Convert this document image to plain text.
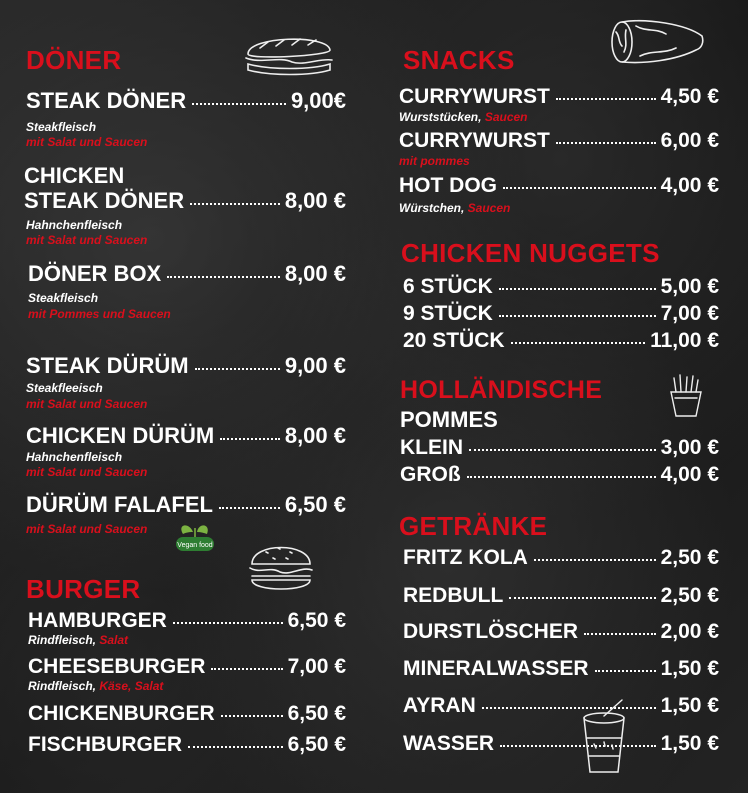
DÖNER
STEAK DÖNER	9,00€
Steakfleisch
mit Salat und Saucen
CHICKEN
STEAK DÖNER	8,00 €
Hahnchenfleisch
mit Salat und Saucen
DÖNER BOX	8,00 €
Steakfleisch
mit Pommes und Saucen
STEAK DÜRÜM	9,00 €
Steakfleeisch
mit Salat und Saucen
CHICKEN DÜRÜM	8,00 €
Hahnchenfleisch
mit Salat und Saucen
DÜRÜM FALAFEL	6,50 €
mit Salat und Saucen
Vegan food
BURGER
HAMBURGER	6,50 €
Rindfleisch, Salat
CHEESEBURGER	7,00 €
Rindfleisch, Käse, Salat
CHICKENBURGER	6,50 €
FISCHBURGER	6,50 €
SNACKS
CURRYWURST	4,50 €
Wurststücken, Saucen
CURRYWURST	6,00 €
mit pommes
HOT DOG	4,00 €
Würstchen, Saucen
CHICKEN NUGGETS
6 STÜCK	5,00 €
9 STÜCK	7,00 €
20 STÜCK	11,00 €
HOLLÄNDISCHE
POMMES
KLEIN	3,00 €
GROß	4,00 €
GETRÄNKE
FRITZ KOLA	2,50 €
REDBULL	2,50 €
DURSTLÖSCHER	2,00 €
MINERALWASSER	1,50 €
AYRAN	1,50 €
WASSER	1,50 €
